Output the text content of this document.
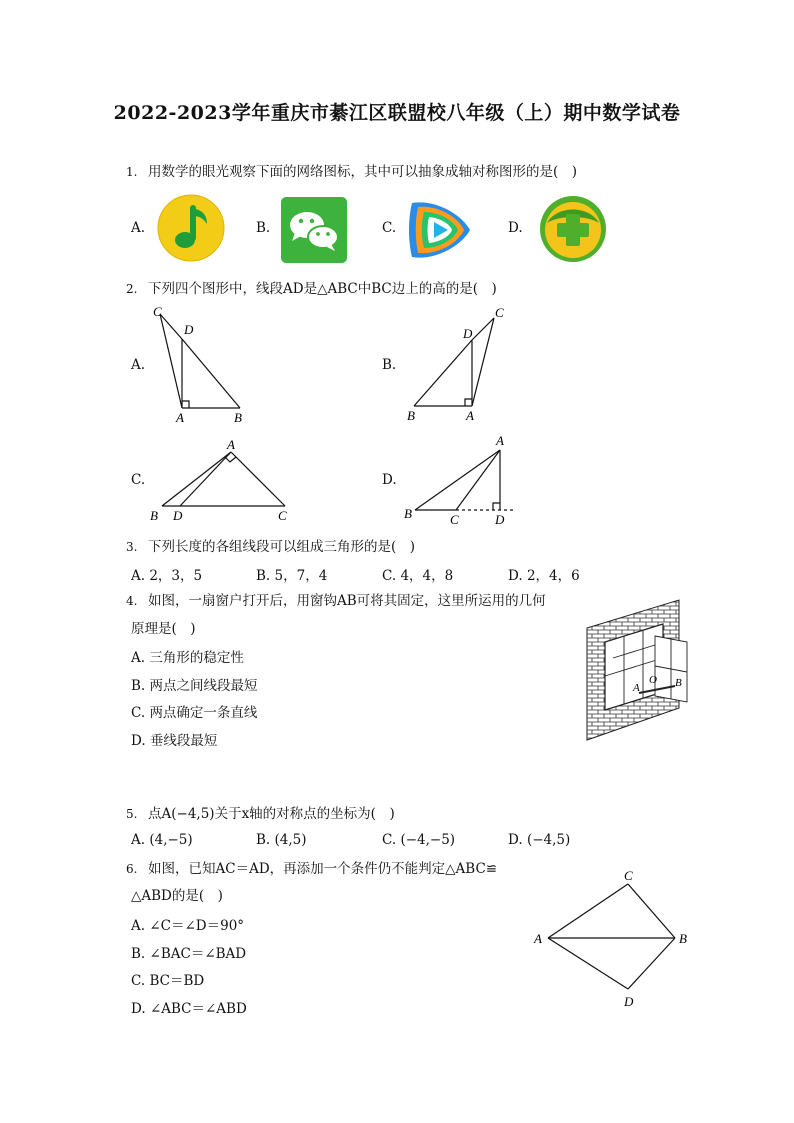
2022-2023学年重庆市綦江区联盟校八年级（上）期中数学试卷
1. 用数学的眼光观察下面的网络图标，其中可以抽象成轴对称图形的是(　)
A.	B.	C.	D.
2. 下列四个图形中，线段AD是△ABC中BC边上的高的是(　)
A.	B.
C.	D.
C
D
A	B
D
C
B	A
A
B D	C
A
B	C	D
3. 下列长度的各组线段可以组成三角形的是(　)
A. 2，3，5	B. 5，7，4	C. 4，4，8	D. 2，4，6
4. 如图，一扇窗户打开后，用窗钩AB可将其固定，这里所运用的几何
原理是(　)
A. 三角形的稳定性
B. 两点之间线段最短
C. 两点确定一条直线
D. 垂线段最短
A
O B
5. 点A(−4,5)关于x轴的对称点的坐标为(　)
A. (4,−5)	B. (4,5)	C. (−4,−5)	D. (−4,5)
6. 如图，已知AC＝AD，再添加一个条件仍不能判定△ABC≌
△ABD的是(　)
A. ∠C＝∠D＝90°
B. ∠BAC＝∠BAD
C. BC＝BD
D. ∠ABC＝∠ABD
C
A	B
D
